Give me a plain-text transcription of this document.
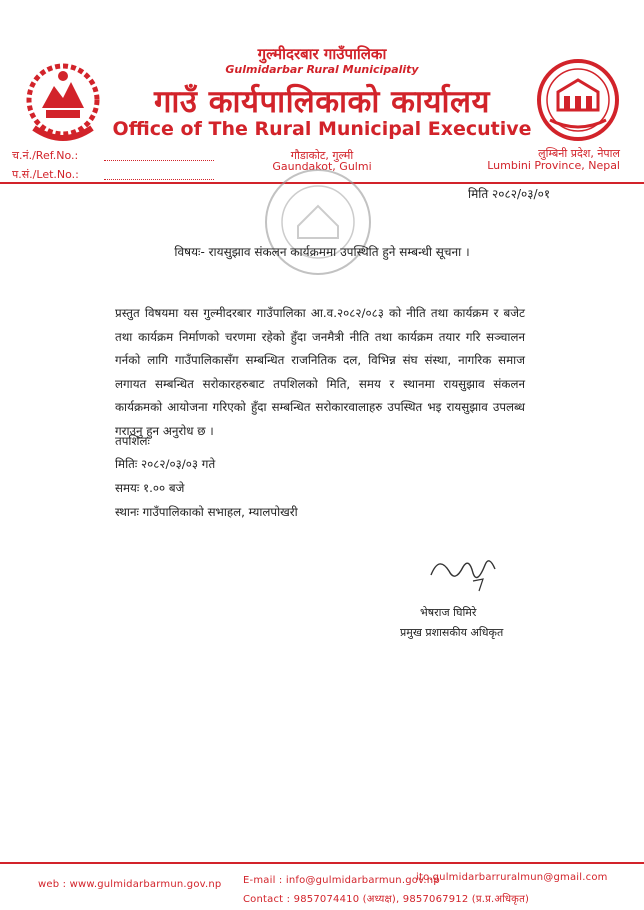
गुल्मीदरबार गाउँपालिका
Gulmidarbar Rural Municipality
गाउँ कार्यपालिकाको कार्यालय
Office of The Rural Municipal Executive
च.नं./Ref.No.:
प.सं./Let.No.:
गौडाकोट, गुल्मी
Gaundakot, Gulmi
लुम्बिनी प्रदेश, नेपाल
Lumbini Province, Nepal
मिति २०८२/०३/०१
विषयः- रायसुझाव संकलन कार्यक्रममा उपस्थिति हुने सम्बन्धी सूचना ।
प्रस्तुत विषयमा यस गुल्मीदरबार गाउँपालिका आ.व.२०८२/०८३ को नीति तथा कार्यक्रम र बजेट तथा कार्यक्रम निर्माणको चरणमा रहेको हुँदा जनमैत्री नीति तथा कार्यक्रम तयार गरि सञ्चालन गर्नको लागि गाउँपालिकासँग सम्बन्धित राजनितिक दल, विभिन्न संघ संस्था, नागरिक समाज लगायत सम्बन्धित सरोकारहरुबाट तपशिलको मिति, समय र स्थानमा रायसुझाव संकलन कार्यक्रमको आयोजना गरिएको हुँदा सम्बन्धित सरोकारवालाहरु उपस्थित भइ रायसुझाव उपलब्ध गराउनु हुन अनुरोध छ ।
तपशिलः
मितिः २०८२/०३/०३ गते
समयः १.०० बजे
स्थानः गाउँपालिकाको सभाहल, म्यालपोखरी
भेषराज घिमिरे
प्रमुख प्रशासकीय अधिकृत
web : www.gulmidarbarmun.gov.np E-mail : info@gulmidarbarmun.gov.np
ito.gulmidarbarruralmun@gmail.com
Contact : 9857074410 (अध्यक्ष), 9857067912 (प्र.प्र.अधिकृत)
